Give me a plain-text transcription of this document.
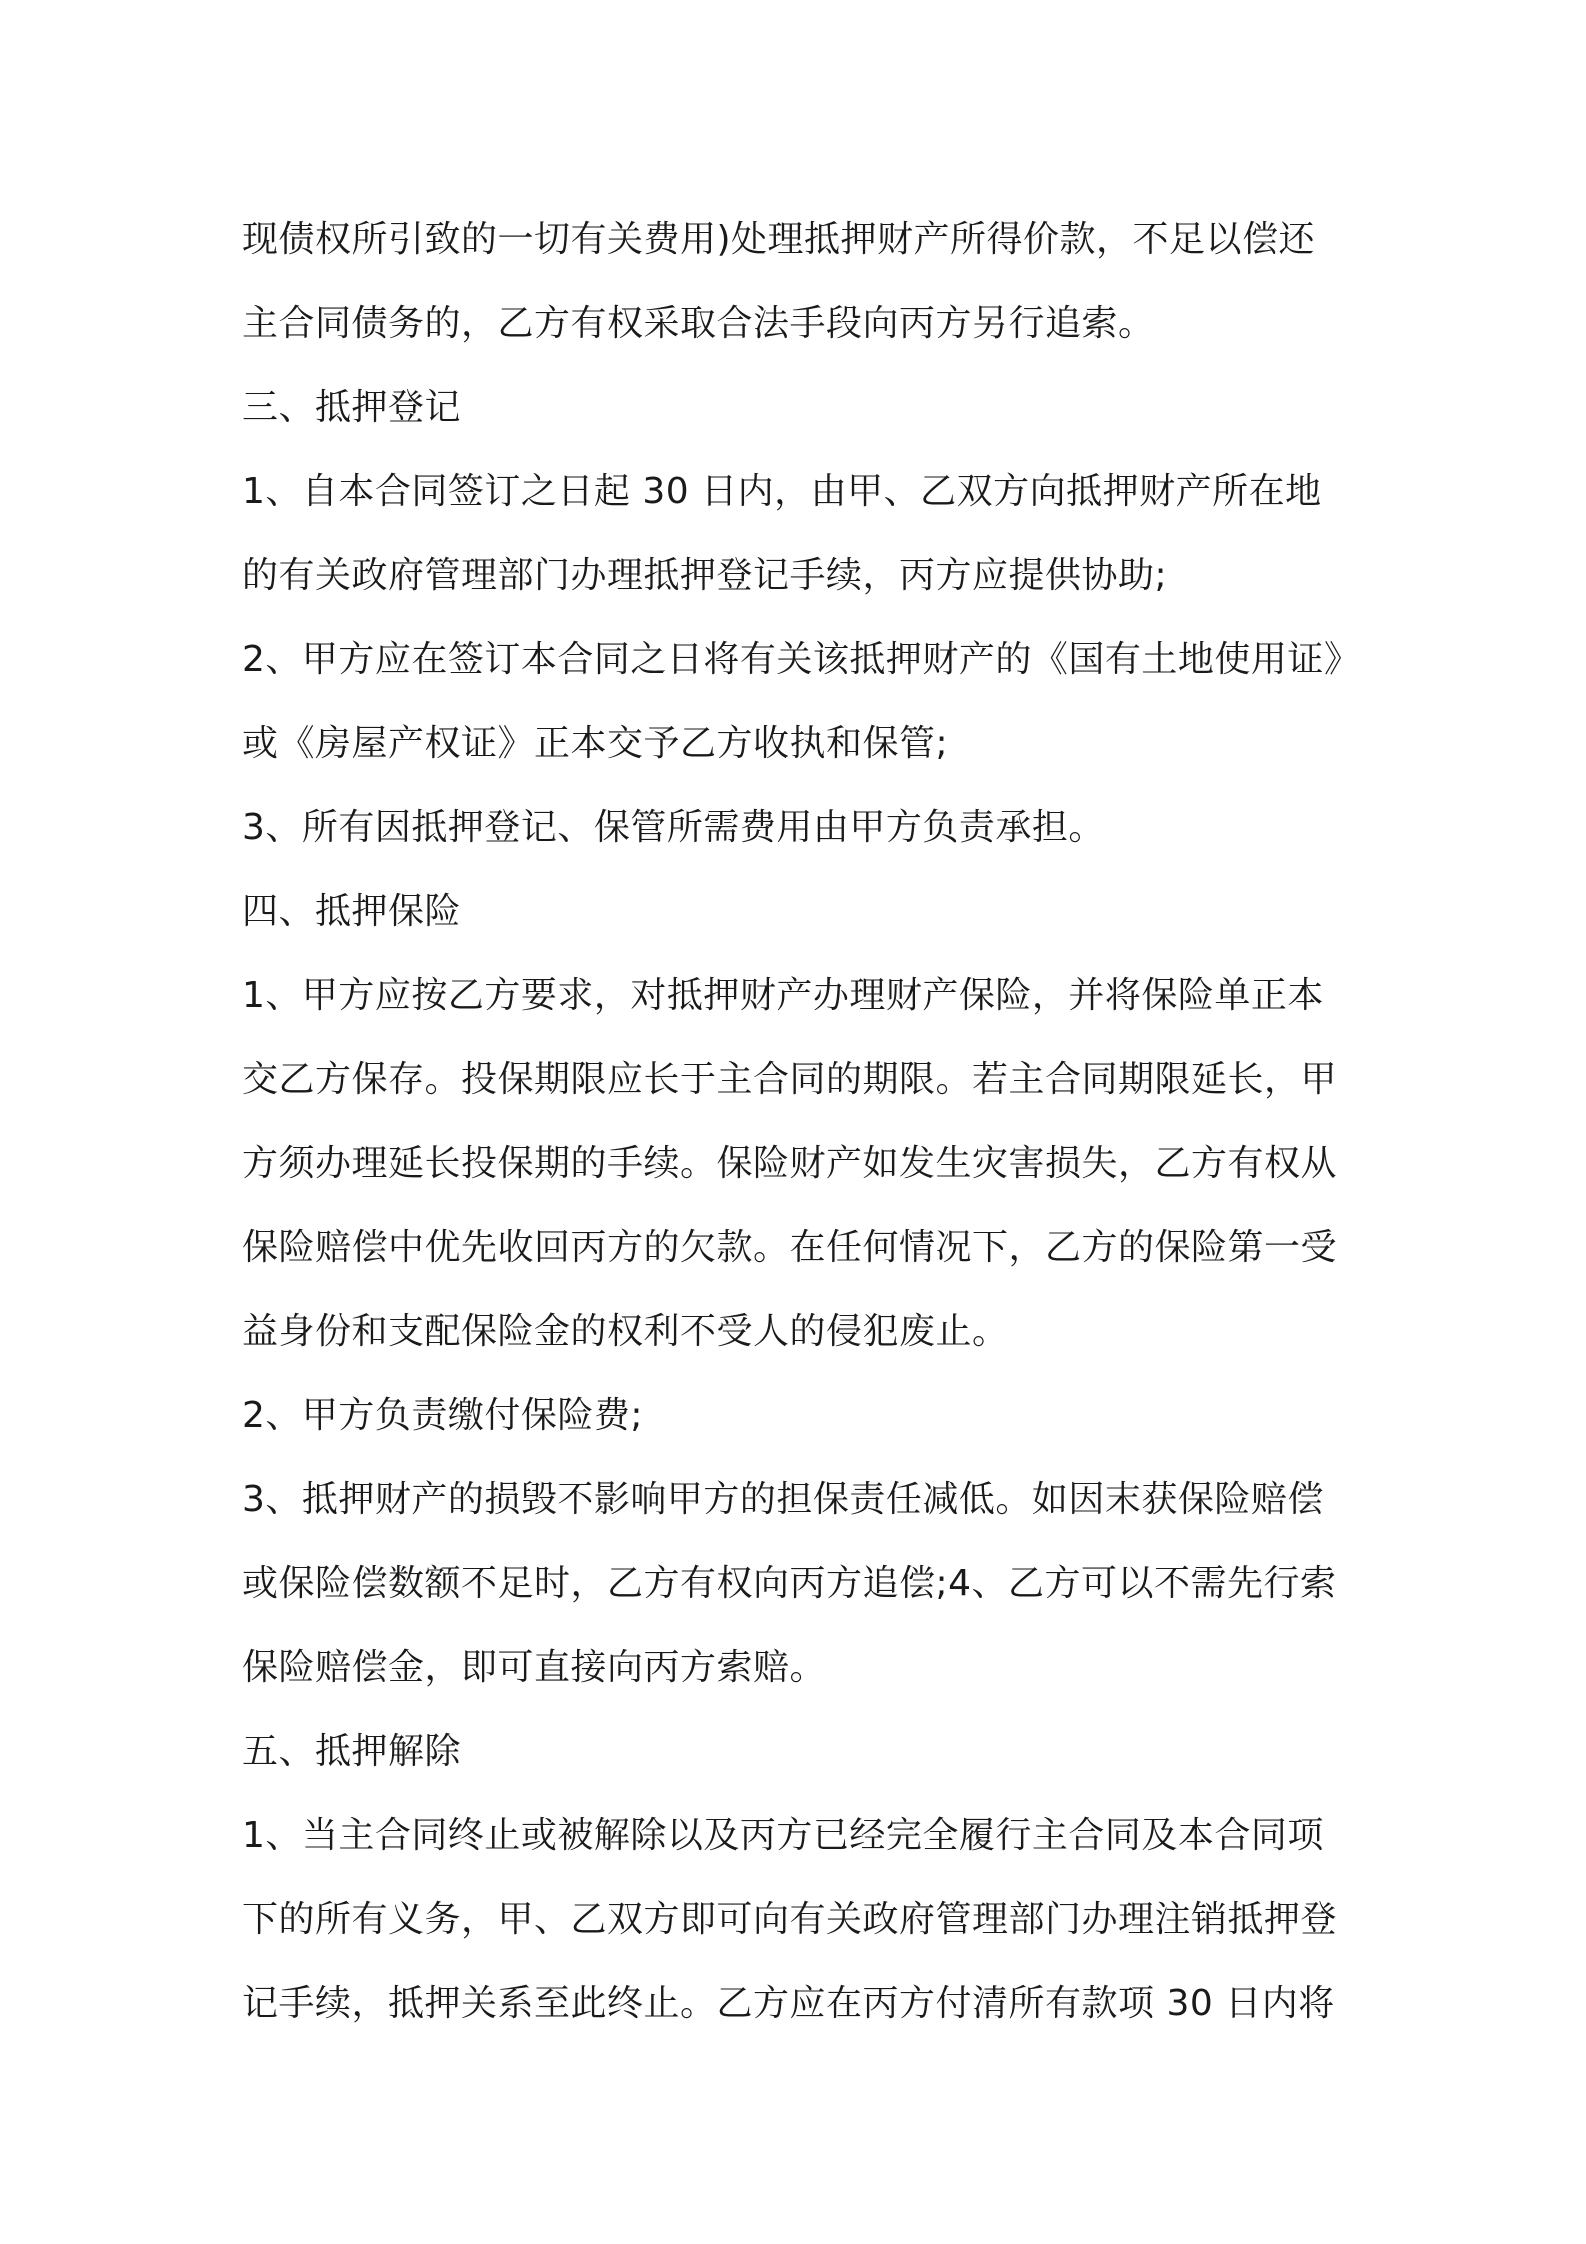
现债权所引致的一切有关费用)处理抵押财产所得价款，不足以偿还
主合同债务的，乙方有权采取合法手段向丙方另行追索。
三、抵押登记
1、自本合同签订之日起 30 日内，由甲、乙双方向抵押财产所在地
的有关政府管理部门办理抵押登记手续，丙方应提供协助;
2、甲方应在签订本合同之日将有关该抵押财产的《国有土地使用证》
或《房屋产权证》正本交予乙方收执和保管;
3、所有因抵押登记、保管所需费用由甲方负责承担。
四、抵押保险
1、甲方应按乙方要求，对抵押财产办理财产保险，并将保险单正本
交乙方保存。投保期限应长于主合同的期限。若主合同期限延长，甲
方须办理延长投保期的手续。保险财产如发生灾害损失，乙方有权从
保险赔偿中优先收回丙方的欠款。在任何情况下，乙方的保险第一受
益身份和支配保险金的权利不受人的侵犯废止。
2、甲方负责缴付保险费;
3、抵押财产的损毁不影响甲方的担保责任减低。如因末获保险赔偿
或保险偿数额不足时，乙方有权向丙方追偿;4、乙方可以不需先行索
保险赔偿金，即可直接向丙方索赔。
五、抵押解除
1、当主合同终止或被解除以及丙方已经完全履行主合同及本合同项
下的所有义务，甲、乙双方即可向有关政府管理部门办理注销抵押登
记手续，抵押关系至此终止。乙方应在丙方付清所有款项 30 日内将
